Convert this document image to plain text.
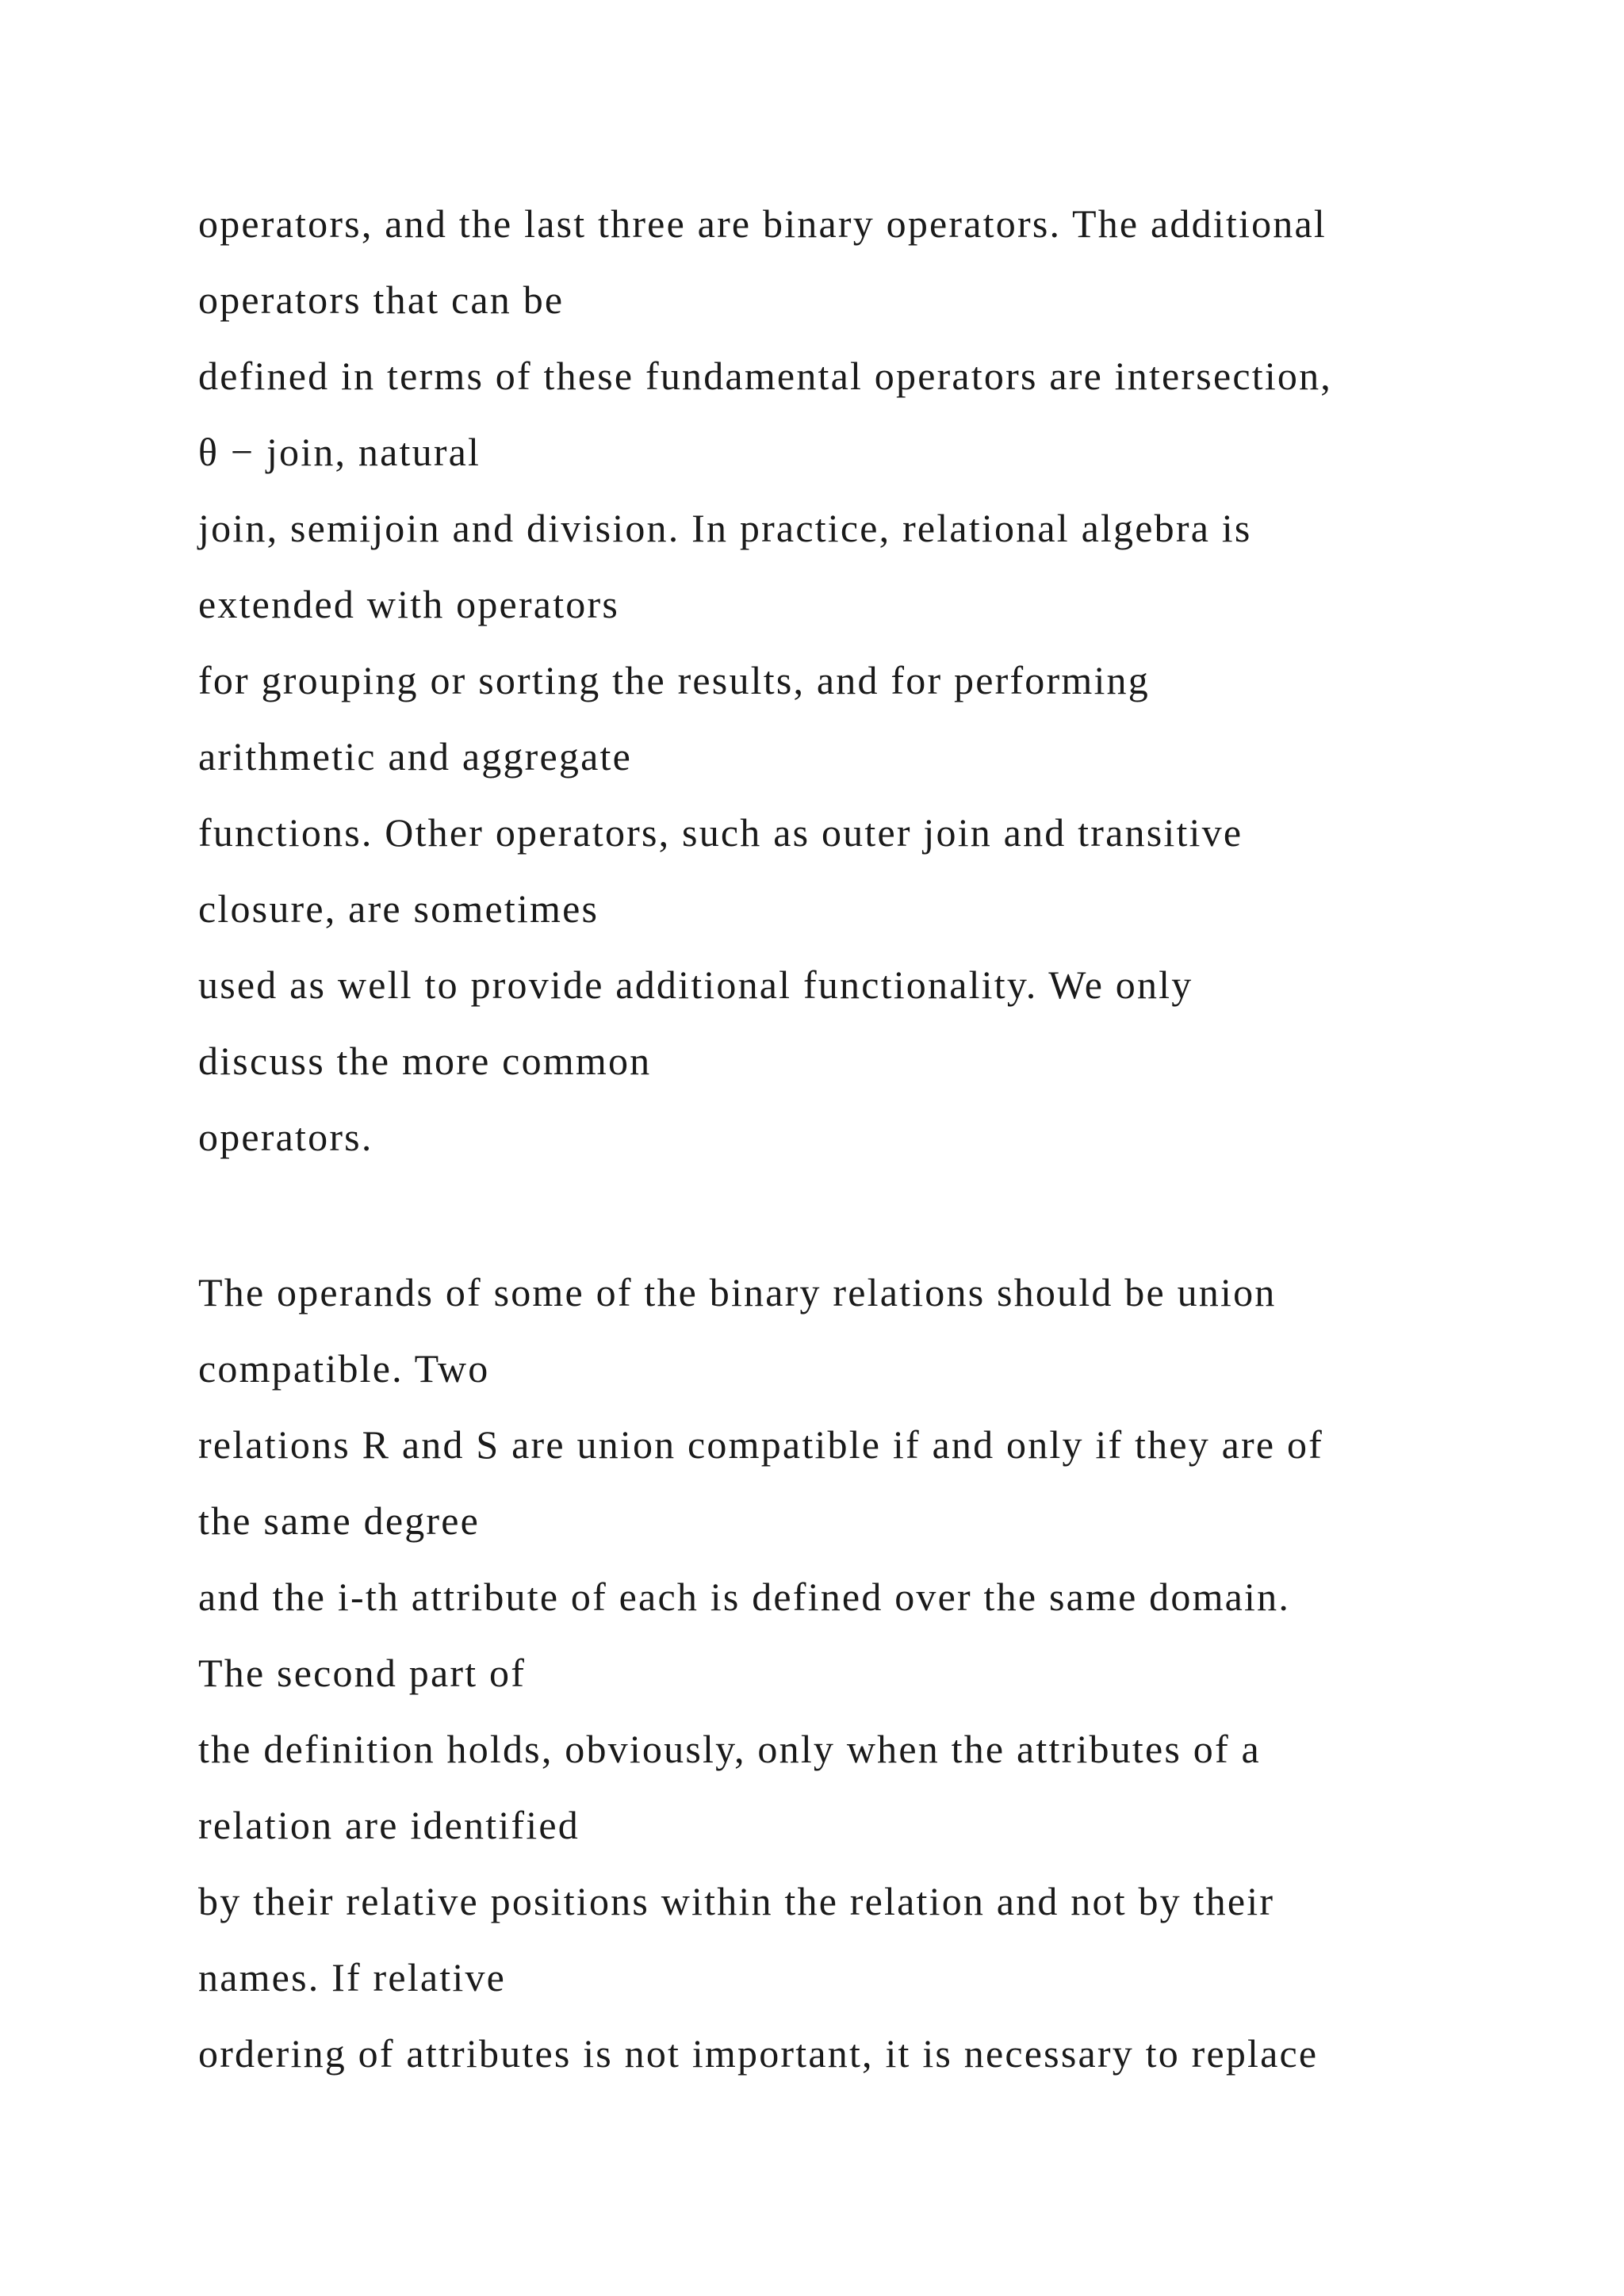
operators, and the last three are binary operators. The additional
operators that can be
defined in terms of these fundamental operators are intersection,
θ − join, natural
join, semijoin and division. In practice, relational algebra is
extended with operators
for grouping or sorting the results, and for performing
arithmetic and aggregate
functions. Other operators, such as outer join and transitive
closure, are sometimes
used as well to provide additional functionality. We only
discuss the more common
operators.
The operands of some of the binary relations should be union
compatible. Two
relations R and S are union compatible if and only if they are of
the same degree
and the i-th attribute of each is defined over the same domain.
The second part of
the definition holds, obviously, only when the attributes of a
relation are identified
by their relative positions within the relation and not by their
names. If relative
ordering of attributes is not important, it is necessary to replace
